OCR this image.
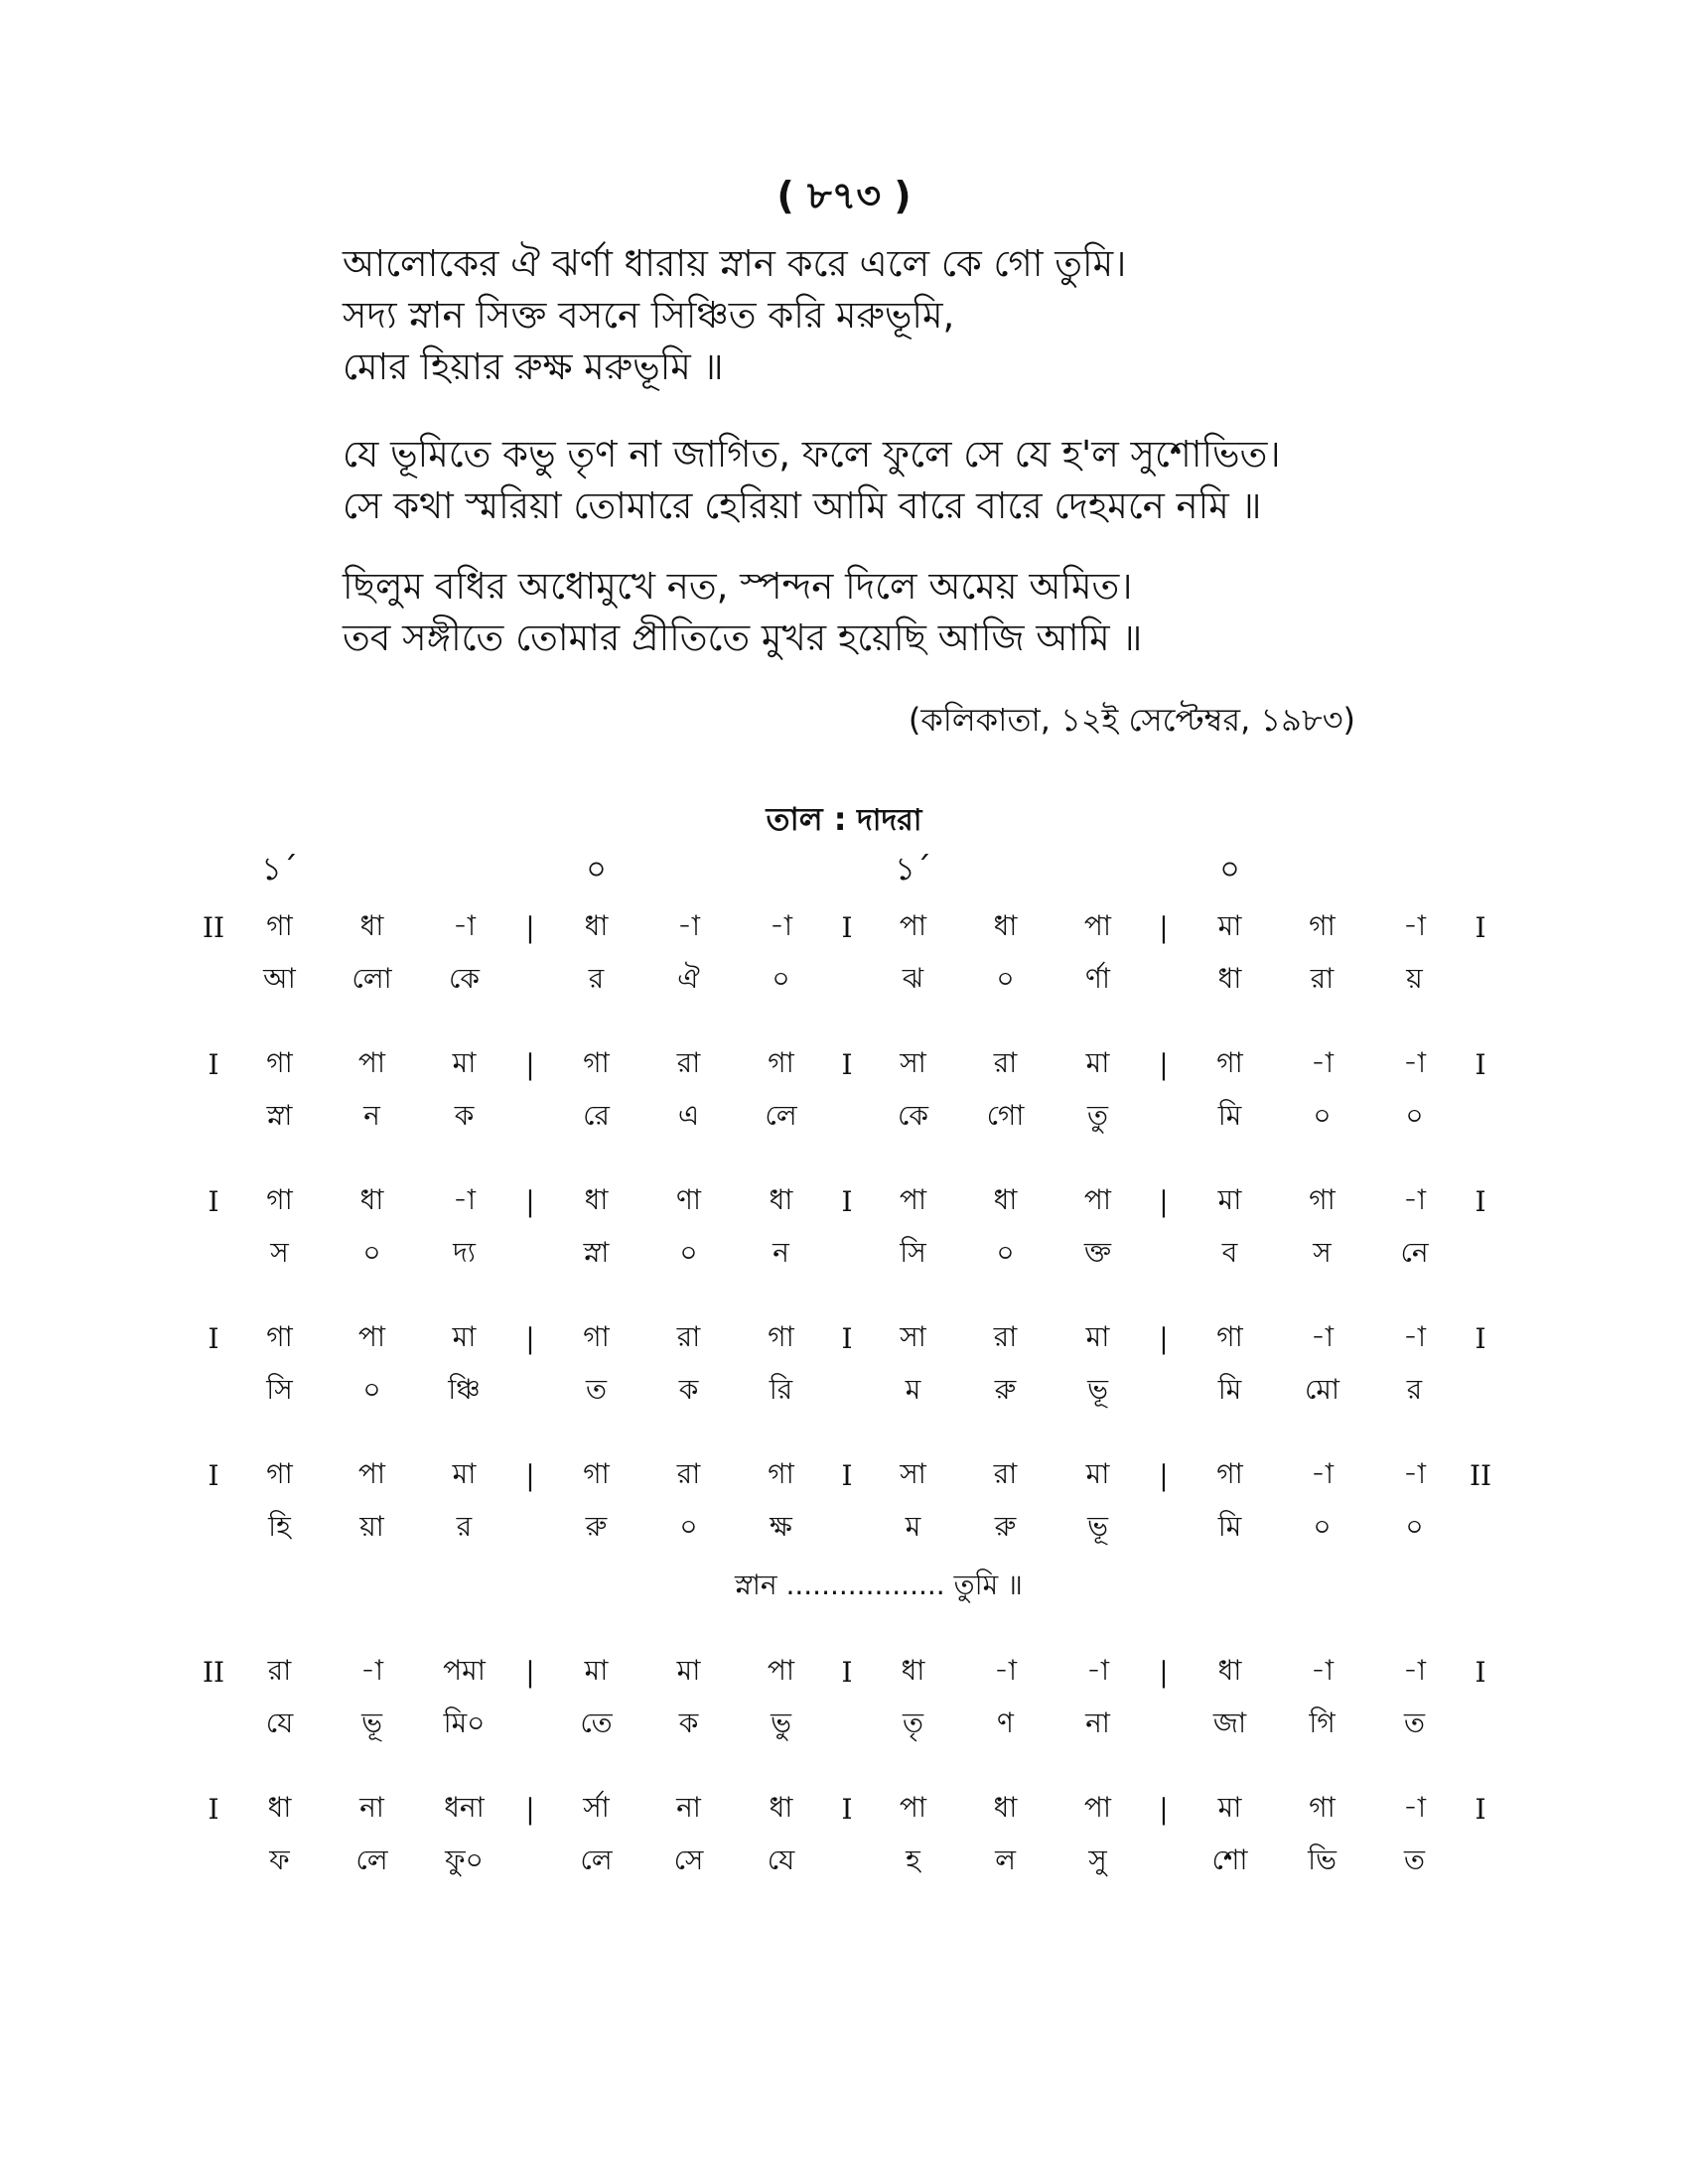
( ৮৭৩ )
আলোকের ঐ ঝর্ণা ধারায় স্নান করে এলে কে গো তুমি।
সদ্য স্নান সিক্ত বসনে সিঞ্চিত করি মরুভূমি,
মোর হিয়ার রুক্ষ মরুভূমি ॥
যে ভূমিতে কভু তৃণ না জাগিত, ফলে ফুলে সে যে হ'ল সুশোভিত।
সে কথা স্মরিয়া তোমারে হেরিয়া আমি বারে বারে দেহমনে নমি ॥
ছিলুম বধির অধোমুখে নত, স্পন্দন দিলে অমেয় অমিত।
তব সঙ্গীতে তোমার প্রীতিতে মুখর হয়েছি আজি আমি ॥
(কলিকাতা, ১২ই সেপ্টেম্বর, ১৯৮৩)
তাল : দাদরা
	১´				০				১´				০			
II	গা	ধা	-া	|	ধা	-া	-া	I	পা	ধা	পা	|	মা	গা	-া	I
	আ	লো	কে		র	ঐ	০		ঝ	০	র্ণা		ধা	রা	য়	

I	গা	পা	মা	|	গা	রা	গা	I	সা	রা	মা	|	গা	-া	-া	I
	স্না	ন	ক		রে	এ	লে		কে	গো	তু		মি	০	০	

I	গা	ধা	-া	|	ধা	ণা	ধা	I	পা	ধা	পা	|	মা	গা	-া	I
	স	০	দ্য		স্না	০	ন		সি	০	ক্ত		ব	স	নে	

I	গা	পা	মা	|	গা	রা	গা	I	সা	রা	মা	|	গা	-া	-া	I
	সি	০	ঞ্চি		ত	ক	রি		ম	রু	ভূ		মি	মো	র	

I	গা	পা	মা	|	গা	রা	গা	I	সা	রা	মা	|	গা	-া	-া	II
	হি	য়া	র		রু	০	ক্ষ		ম	রু	ভূ		মি	০	০	
							স্নান .................. তুমি ॥									

II	রা	-া	পমা	|	মা	মা	পা	I	ধা	-া	-া	|	ধা	-া	-া	I
	যে	ভূ	মি০		তে	ক	ভু		তৃ	ণ	না		জা	গি	ত	

I	ধা	না	ধনা	|	র্সা	না	ধা	I	পা	ধা	পা	|	মা	গা	-া	I
	ফ	লে	ফু০		লে	সে	যে		হ	ল	সু		শো	ভি	ত	
